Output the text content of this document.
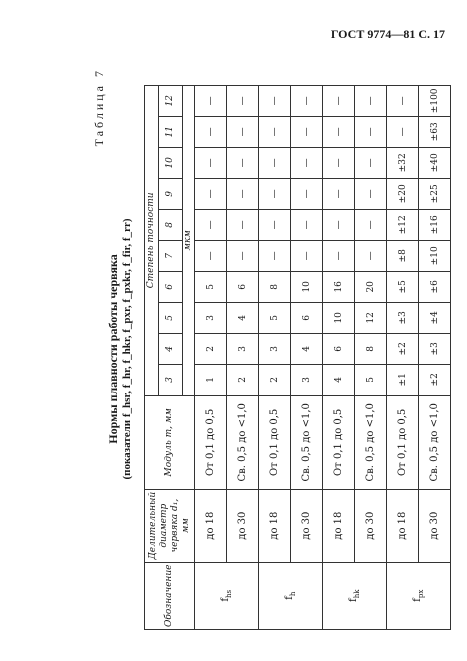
ГОСТ 9774—81 С. 17
Таблица 7
Нормы плавности работы червяка (показатели f_hsr, f_hr, f_hkr, f_pxr, f_pxkr, f_fir, f_rr)
Обозначение	Делительный диаметр червяка d₁, мм	Модуль m, мм	Степень точности									
			3	4	5	6	7	8	9	10	11	12
			мкм									
$f_{hs}$	до 18	От 0,1 до 0,5	1	2	3	5	—	—	—	—	—	—
	до 30	Св. 0,5 до <1,0	2	3	4	6	—	—	—	—	—	—
$f_h$	до 18	От 0,1 до 0,5	2	3	5	8	—	—	—	—	—	—
	до 30	Св. 0,5 до <1,0	3	4	6	10	—	—	—	—	—	—
$f_{hk}$	до 18	От 0,1 до 0,5	4	6	10	16	—	—	—	—	—	—
	до 30	Св. 0,5 до <1,0	5	8	12	20	—	—	—	—	—	—
$f_{px}$	до 18	От 0,1 до 0,5	±1	±2	±3	±5	±8	±12	±20	±32	—	—
	до 30	Св. 0,5 до <1,0	±2	±3	±4	±6	±10	±16	±25	±40	±63	±100
